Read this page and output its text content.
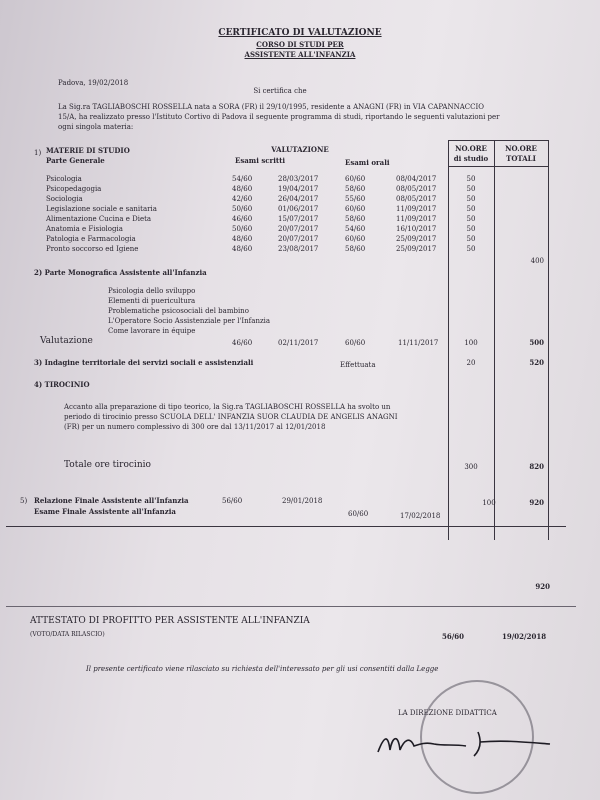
CERTIFICATO DI VALUTAZIONE
CORSO DI STUDI PER
ASSISTENTE ALL'INFANZIA
Padova, 19/02/2018
Si certifica che
La Sig.ra TAGLIABOSCHI ROSSELLA nata a SORA (FR) il 29/10/1995, residente a ANAGNI (FR) in VIA CAPANNACCIO
15/A, ha realizzato presso l'Istituto Cortivo di Padova il seguente programma di studi, riportando le seguenti valutazioni per
ogni singola materia:
1) MATERIE DI STUDIO
Parte Generale
VALUTAZIONE
Esami scritti	Esami orali
NO.ORE
di studio
NO.ORE
TOTALI
Psicologia	54/60	28/03/2017	60/60	08/04/2017	50
Psicopedagogia	48/60	19/04/2017	58/60	08/05/2017	50
Sociologia	42/60	26/04/2017	55/60	08/05/2017	50
Legislazione sociale e sanitaria	50/60	01/06/2017	60/60	11/09/2017	50
Alimentazione Cucina e Dieta	46/60	15/07/2017	58/60	11/09/2017	50
Anatomia e Fisiologia	50/60	20/07/2017	54/60	16/10/2017	50
Patologia e Farmacologia	48/60	20/07/2017	60/60	25/09/2017	50
Pronto soccorso ed Igiene	48/60	23/08/2017	58/60	25/09/2017	50
400
2) Parte Monografica Assistente all'Infanzia
Psicologia dello sviluppo
Elementi di puericultura
Problematiche psicosociali del bambino
L'Operatore Socio Assistenziale per l'Infanzia
Come lavorare in équipe
Valutazione	46/60	02/11/2017	60/60	11/11/2017	100	500
3) Indagine territoriale dei servizi sociali e assistenziali	Effettuata	20	520
4) TIROCINIO
Accanto alla preparazione di tipo teorico, la Sig.ra TAGLIABOSCHI ROSSELLA ha svolto un
periodo di tirocinio presso SCUOLA DELL' INFANZIA SUOR CLAUDIA DE ANGELIS ANAGNI
(FR) per un numero complessivo di 300 ore dal 13/11/2017 al 12/01/2018
Totale ore tirocinio	300	820
5) Relazione Finale Assistente all'Infanzia	56/60	29/01/2018	100	920
Esame Finale Assistente all'Infanzia	60/60	17/02/2018
920
ATTESTATO DI PROFITTO PER ASSISTENTE ALL'INFANZIA
(VOTO/DATA RILASCIO)	56/60	19/02/2018
Il presente certificato viene rilasciato su richiesta dell'interessato per gli usi consentiti dalla Legge
LA DIREZIONE DIDATTICA
